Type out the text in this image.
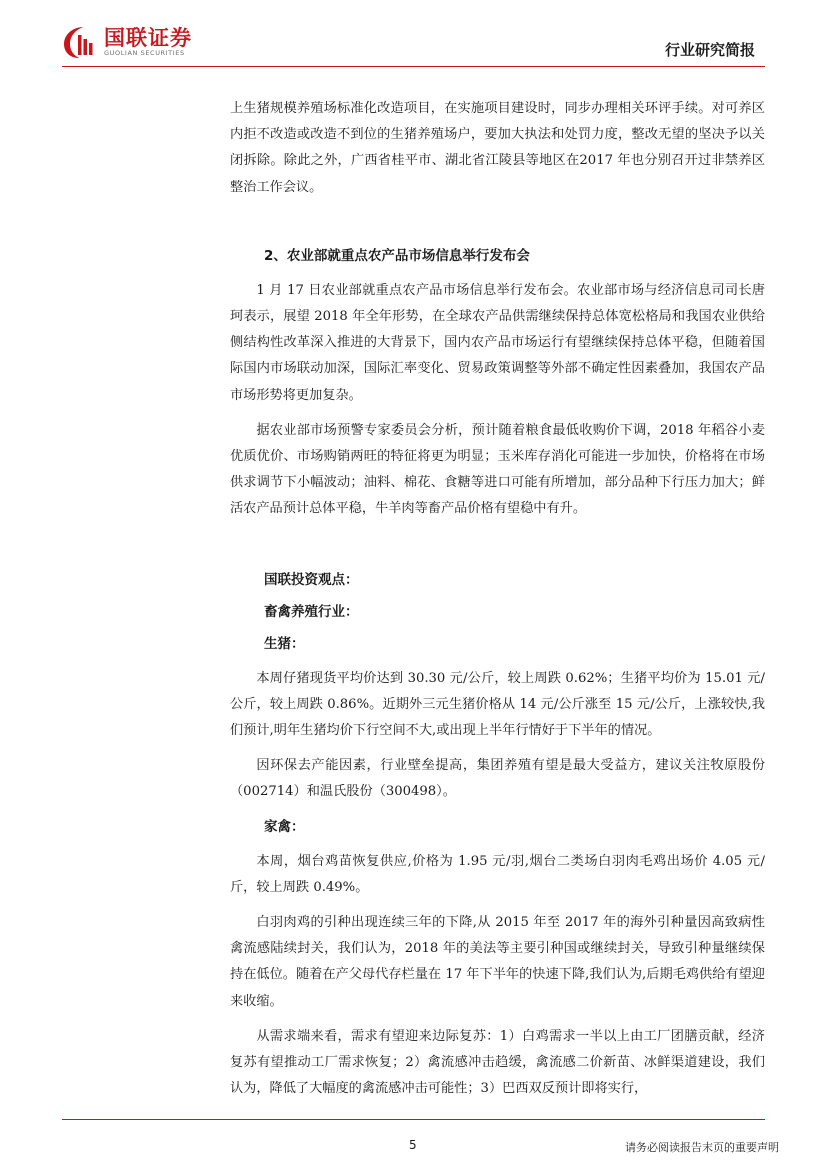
国联证券
GUOLIAN SECURITIES	行业研究简报

上生猪规模养殖场标准化改造项目，在实施项目建设时，同步办理相关环评手续。对可养区内拒不改造或改造不到位的生猪养殖场户，要加大执法和处罚力度，整改无望的坚决予以关闭拆除。除此之外，广西省桂平市、湖北省江陵县等地区在2017 年也分别召开过非禁养区整治工作会议。

2、农业部就重点农产品市场信息举行发布会

1 月 17 日农业部就重点农产品市场信息举行发布会。农业部市场与经济信息司司长唐珂表示，展望 2018 年全年形势，在全球农产品供需继续保持总体宽松格局和我国农业供给侧结构性改革深入推进的大背景下，国内农产品市场运行有望继续保持总体平稳，但随着国际国内市场联动加深，国际汇率变化、贸易政策调整等外部不确定性因素叠加，我国农产品市场形势将更加复杂。

据农业部市场预警专家委员会分析，预计随着粮食最低收购价下调，2018 年稻谷小麦优质优价、市场购销两旺的特征将更为明显；玉米库存消化可能进一步加快，价格将在市场供求调节下小幅波动；油料、棉花、食糖等进口可能有所增加，部分品种下行压力加大；鲜活农产品预计总体平稳，牛羊肉等畜产品价格有望稳中有升。

国联投资观点：

畜禽养殖行业：

生猪：

本周仔猪现货平均价达到 30.30 元/公斤，较上周跌 0.62%；生猪平均价为 15.01 元/公斤，较上周跌 0.86%。近期外三元生猪价格从 14 元/公斤涨至 15 元/公斤，上涨较快,我们预计,明年生猪均价下行空间不大,或出现上半年行情好于下半年的情况。

因环保去产能因素，行业壁垒提高，集团养殖有望是最大受益方，建议关注牧原股份（002714）和温氏股份（300498）。

家禽：

本周，烟台鸡苗恢复供应,价格为 1.95 元/羽,烟台二类场白羽肉毛鸡出场价 4.05 元/斤，较上周跌 0.49%。

白羽肉鸡的引种出现连续三年的下降,从 2015 年至 2017 年的海外引种量因高致病性禽流感陆续封关，我们认为，2018 年的美法等主要引种国或继续封关，导致引种量继续保持在低位。随着在产父母代存栏量在 17 年下半年的快速下降,我们认为,后期毛鸡供给有望迎来收缩。

从需求端来看，需求有望迎来边际复苏：1）白鸡需求一半以上由工厂团膳贡献，经济复苏有望推动工厂需求恢复；2）禽流感冲击趋缓，禽流感二价新苗、冰鲜渠道建设，我们认为，降低了大幅度的禽流感冲击可能性；3）巴西双反预计即将实行，

5	请务必阅读报告末页的重要声明
